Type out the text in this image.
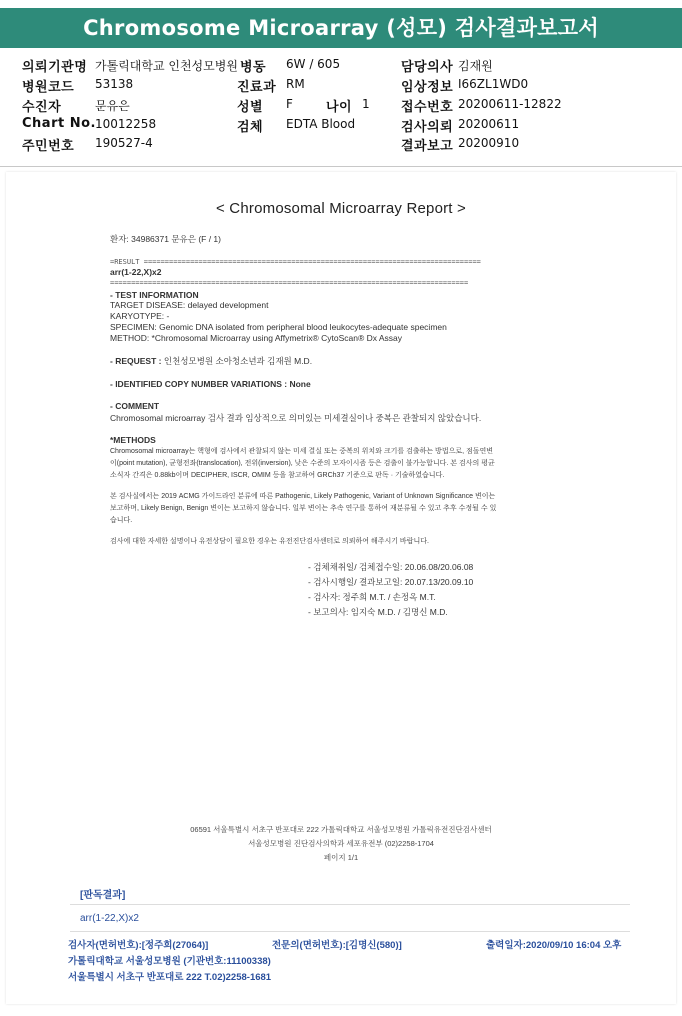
Chromosome Microarray (성모) 검사결과보고서
의뢰기관명
병원코드
수진자
Chart No.
주민번호
가톨릭대학교 인천성모병원
53138
문유은
10012258
190527-4
병동
진료과
성별
검체
6W / 605
RM
F
EDTA Blood
나이 1
담당의사
임상정보
접수번호
검사의뢰
결과보고
김재원
I66ZL1WD0
20200611-12822
20200611
20200910
< Chromosomal Microarray Report >
환자: 34986371 문유은 (F / 1)
=RESULT ================================================================================
arr(1-22,X)x2
=====================================================================================
- TEST INFORMATION
TARGET DISEASE: delayed development
KARYOTYPE: -
SPECIMEN: Genomic DNA isolated from peripheral blood leukocytes-adequate specimen
METHOD: *Chromosomal Microarray using Affymetrix® CytoScan® Dx Assay
- REQUEST : 인천성모병원 소아청소년과 김재원 M.D.
- IDENTIFIED COPY NUMBER VARIATIONS : None
- COMMENT
Chromosomal microarray 검사 결과 임상적으로 의미있는 미세결실이나 중복은 관찰되지 않았습니다.
*METHODS
Chromosomal microarray는 핵형에 검사에서 관찰되지 않는 미세 결실 또는 중복의 위치와 크기를 검출하는 방법으로, 점돌연변
이(point mutation), 균형전좌(translocation), 전위(inversion), 낮은 수준의 모자이시즘 등은 검출이 불가능합니다. 본 검사의 평균
소식자 간격은 0.88kb이며 DECIPHER, ISCR, OMIM 등을 참고하여 GRCh37 기준으로 판독 · 기술하였습니다.
본 검사실에서는 2019 ACMG 가이드라인 분류에 따른 Pathogenic, Likely Pathogenic, Variant of Unknown Significance 변이는
보고하며, Likely Benign, Benign 변이는 보고하지 않습니다. 일부 변이는 추속 연구를 통하여 재분류될 수 있고 추후 수정될 수 있
습니다.
검사에 대한 자세한 설명이나 유전상담이 필요한 경우는 유전진단검사센터로 의뢰하여 해주시기 바랍니다.
- 검체채취일/ 검체접수일: 20.06.08/20.06.08
- 검사시행일/ 결과보고일: 20.07.13/20.09.10
- 검사자: 정주희 M.T. / 손정옥 M.T.
- 보고의사: 임지숙 M.D. / 김명신 M.D.
06591 서울특별시 서초구 반포대로 222 가톨릭대학교 서울성모병원 가톨릭유전진단검사센터
서울성모병원 진단검사의학과 세포유전부 (02)2258-1704
페이지 1/1
[판독결과]
arr(1-22,X)x2
검사자(면허번호):[정주희(27064)]	전문의(면허번호):[김명신(580)]	출력일자:2020/09/10 16:04 오후
가톨릭대학교 서울성모병원 (기관번호:11100338)
서울특별시 서초구 반포대로 222 T.02)2258-1681
